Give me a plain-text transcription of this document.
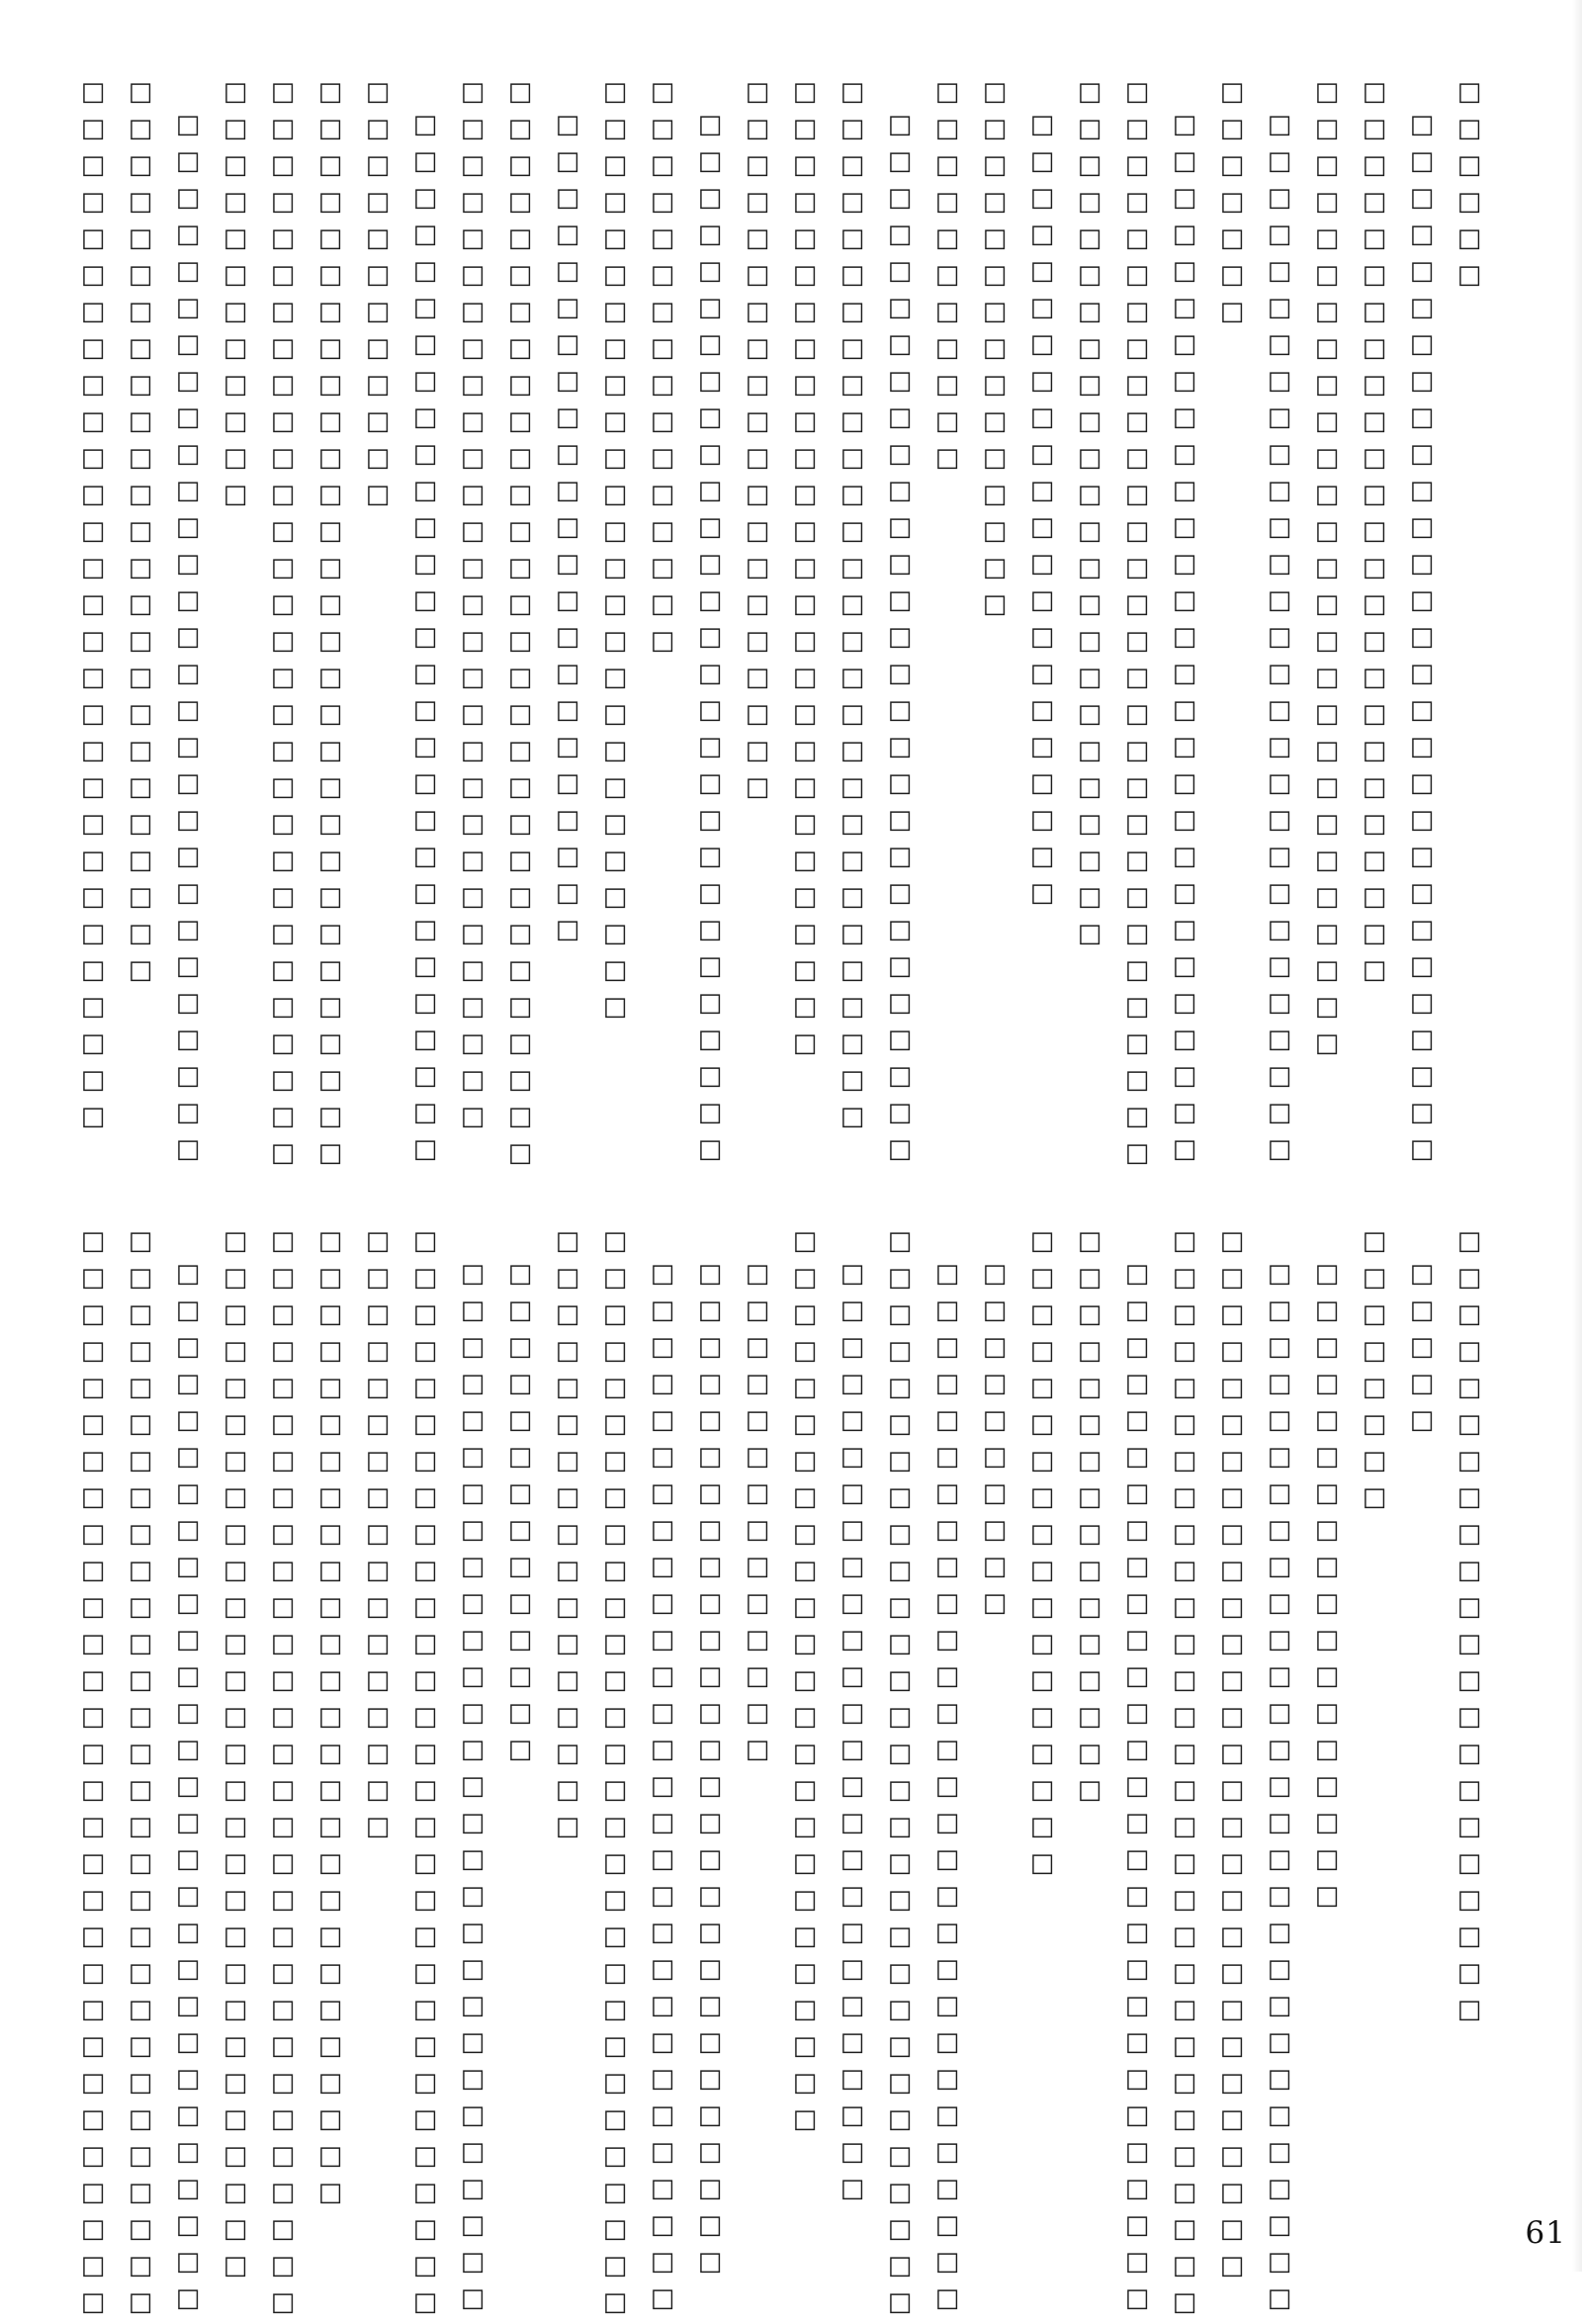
□□□□□□

□□□□□□□□□□□□□□□□□□□□□□□□□□□□□

□□□□□□□□□□□□□□□□□□□□□□□□□

□□□□□□□□□□□□□□□□□□□□□□□□□□□

□□□□□□□□□□□□□□□□□□□□□□□□□□□□□

□□□□□□□

□□□□□□□□□□□□□□□□□□□□□□□□□□□□□

□□□□□□□□□□□□□□□□□□□□□□□□□□□□□□

□□□□□□□□□□□□□□□□□□□□□□□□

□□□□□□□□□□□□□□□□□□□□□□

□□□□□□□□□□□□□□□

□□□□□□□□□□□

□□□□□□□□□□□□□□□□□□□□□□□□□□□□□

□□□□□□□□□□□□□□□□□□□□□□□□□□□□□

□□□□□□□□□□□□□□□□□□□□□□□□□□□

□□□□□□□□□□□□□□□□□□□□

□□□□□□□□□□□□□□□□□□□□□□□□□□□□□

□□□□□□□□□□□□□□□□

□□□□□□□□□□□□□□□□□□□□□□□□□□

□□□□□□□□□□□□□□□□□□□□□□□

□□□□□□□□□□□□□□□□□□□□□□□□□□□□□□

□□□□□□□□□□□□□□□□□□□□□□□□□□□□□

□□□□□□□□□□□□□□□□□□□□□□□□□□□□□

□□□□□□□□□□□□

□□□□□□□□□□□□□□□□□□□□□□□□□□□□□□

□□□□□□□□□□□□□□□□□□□□□□□□□□□□□□

□□□□□□□□□□□□

□□□□□□□□□□□□□□□□□□□□□□□□□□□□□

□□□□□□□□□□□□□□□□□□□□□□□□□

□□□□□□□□□□□□□□□□□□□□□□□□□□□□□

□□□□□□□□□□□□□□□□□□□□□□

□□□□□

□□□□□□□□

□□□□□□□□□□□□□□□□□□

□□□□□□□□□□□□□□□□□□□□□□□□□□□□□

□□□□□□□□□□□□□□□□□□□□□□□□□□□□□

□□□□□□□□□□□□□□□□□□□□□□□□□□□□□□

□□□□□□□□□□□□□□□□□□□□□□□□□□□□□

□□□□□□□□□□□□□□□□

□□□□□□□□□□□□□□□□□□

□□□□□□□□□□

□□□□□□□□□□□□□□□□□□□□□□□□□□□□□

□□□□□□□□□□□□□□□□□□□□□□□□□□□□□□

□□□□□□□□□□□□□□□□□□□□□□□□□□

□□□□□□□□□□□□□□□□□□□□□□□□□

□□□□□□□□□□□□□□

□□□□□□□□□□□□□□□□□□□□□□□□□□□□

□□□□□□□□□□□□□□□□□□□□□□□□□□□□□

□□□□□□□□□□□□□□□□□□□□□□□□□□□□□□

□□□□□□□□□□□□□□□□□

□□□□□□□□□□□□□□

□□□□□□□□□□□□□□□□□□□□□□□□□□□□□

□□□□□□□□□□□□□□□□□□□□□□□□□□□□□□

□□□□□□□□□□□□□□□□□

□□□□□□□□□□□□□□□□□□□□□□□□□□□

□□□□□□□□□□□□□□□□□□□□□□□□□□□□□□

□□□□□□□□□□□□□□□□□□□□□□□□□□□□□

□□□□□□□□□□□□□□□□□□□□□□□□□□□□□

□□□□□□□□□□□□□□□□□□□□□□□□□□□□□□

□□□□□□□□□□□□□□□□□□□□□□□□□□□□□□	61
